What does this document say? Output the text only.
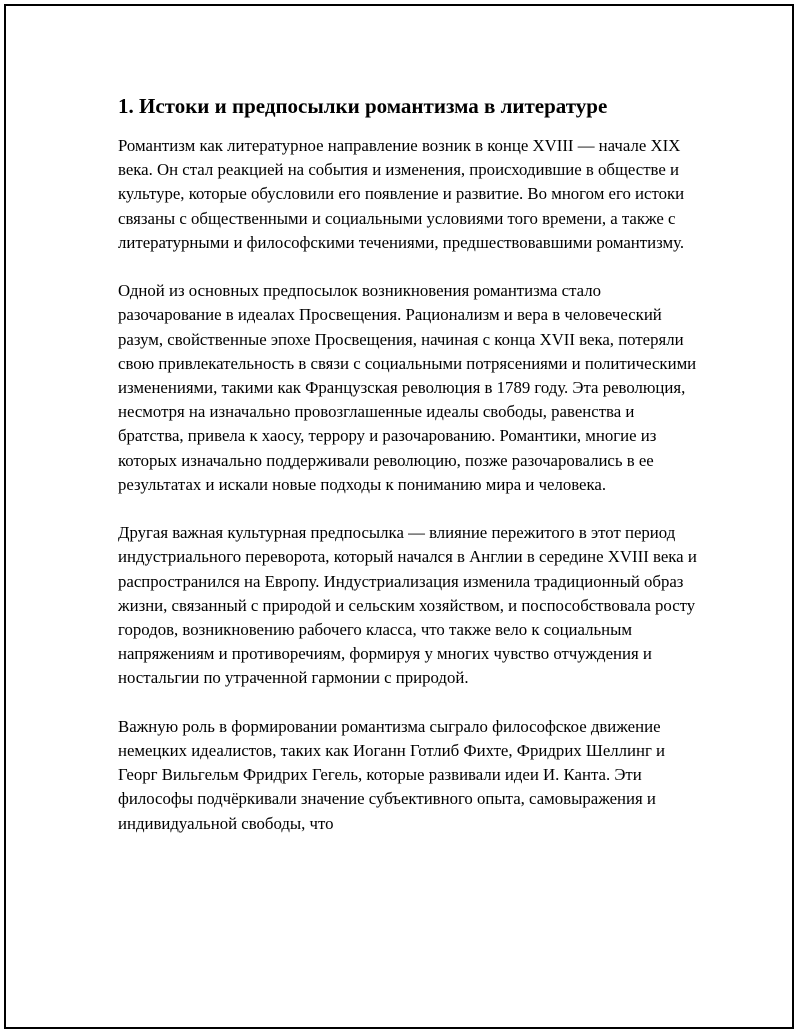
1. Истоки и предпосылки романтизма в литературе

Романтизм как литературное направление возник в конце XVIII — начале XIX века. Он стал реакцией на события и изменения, происходившие в обществе и культуре, которые обусловили его появление и развитие. Во многом его истоки связаны с общественными и социальными условиями того времени, а также с литературными и философскими течениями, предшествовавшими романтизму.

Одной из основных предпосылок возникновения романтизма стало разочарование в идеалах Просвещения. Рационализм и вера в человеческий разум, свойственные эпохе Просвещения, начиная с конца XVII века, потеряли свою привлекательность в связи с социальными потрясениями и политическими изменениями, такими как Французская революция в 1789 году. Эта революция, несмотря на изначально провозглашенные идеалы свободы, равенства и братства, привела к хаосу, террору и разочарованию. Романтики, многие из которых изначально поддерживали революцию, позже разочаровались в ее результатах и искали новые подходы к пониманию мира и человека.

Другая важная культурная предпосылка — влияние пережитого в этот период индустриального переворота, который начался в Англии в середине XVIII века и распространился на Европу. Индустриализация изменила традиционный образ жизни, связанный с природой и сельским хозяйством, и поспособствовала росту городов, возникновению рабочего класса, что также вело к социальным напряжениям и противоречиям, формируя у многих чувство отчуждения и ностальгии по утраченной гармонии с природой.

Важную роль в формировании романтизма сыграло философское движение немецких идеалистов, таких как Иоганн Готлиб Фихте, Фридрих Шеллинг и Георг Вильгельм Фридрих Гегель, которые развивали идеи И. Канта. Эти философы подчёркивали значение субъективного опыта, самовыражения и индивидуальной свободы, что
